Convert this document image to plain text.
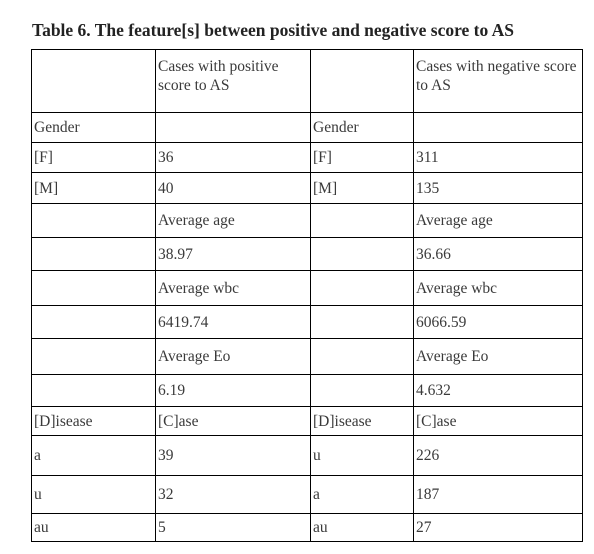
Table 6. The feature[s] between positive and negative score to AS

	Cases with positive score to AS		Cases with negative score to AS
Gender		Gender	
[F]	36	[F]	311
[M]	40	[M]	135
	Average age		Average age
	38.97		36.66
	Average wbc		Average wbc
	6419.74		6066.59
	Average Eo		Average Eo
	6.19		4.632
[D]isease	[C]ase	[D]isease	[C]ase
a	39	u	226
u	32	a	187
au	5	au	27
